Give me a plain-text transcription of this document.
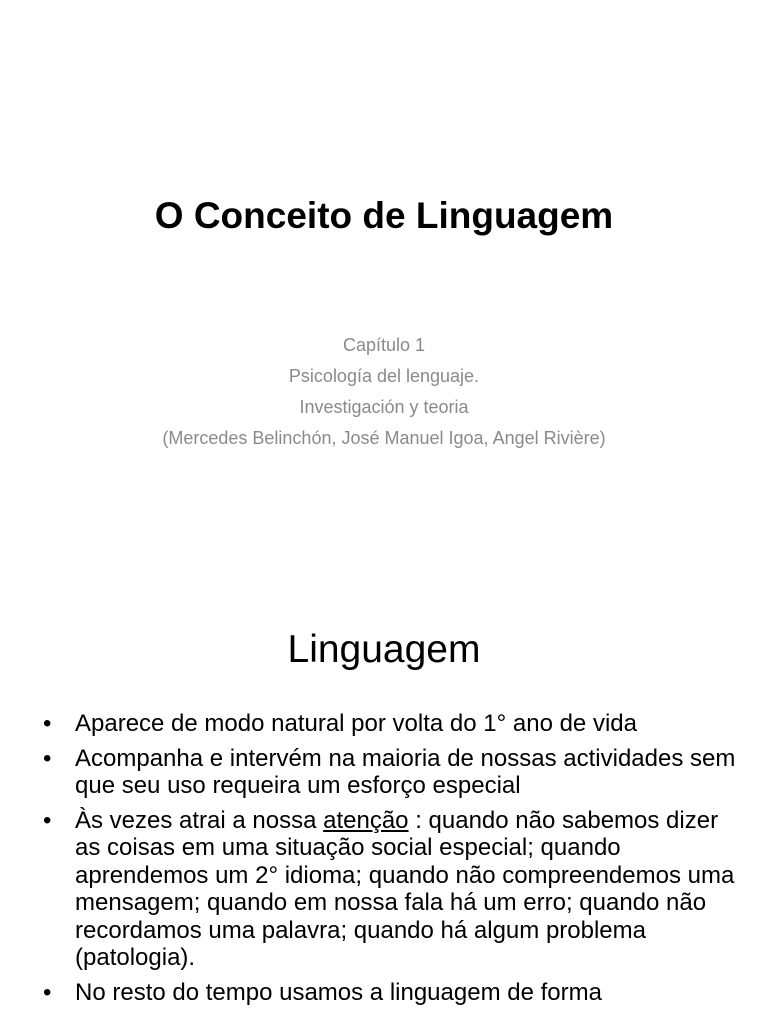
O Conceito de Linguagem
Capítulo 1
Psicología del lenguaje.
Investigación y teoria
(Mercedes Belinchón, José Manuel Igoa, Angel Rivière)
Linguagem
• Aparece de modo natural por volta do 1° ano de vida
• Acompanha e intervém na maioria de nossas actividades sem que seu uso requeira um esforço especial
• Às vezes atrai a nossa atenção : quando não sabemos dizer as coisas em uma situação social especial; quando aprendemos um 2° idioma; quando não compreendemos uma mensagem; quando em nossa fala há um erro; quando não recordamos uma palavra; quando há algum problema (patologia).
• No resto do tempo usamos a linguagem de forma
